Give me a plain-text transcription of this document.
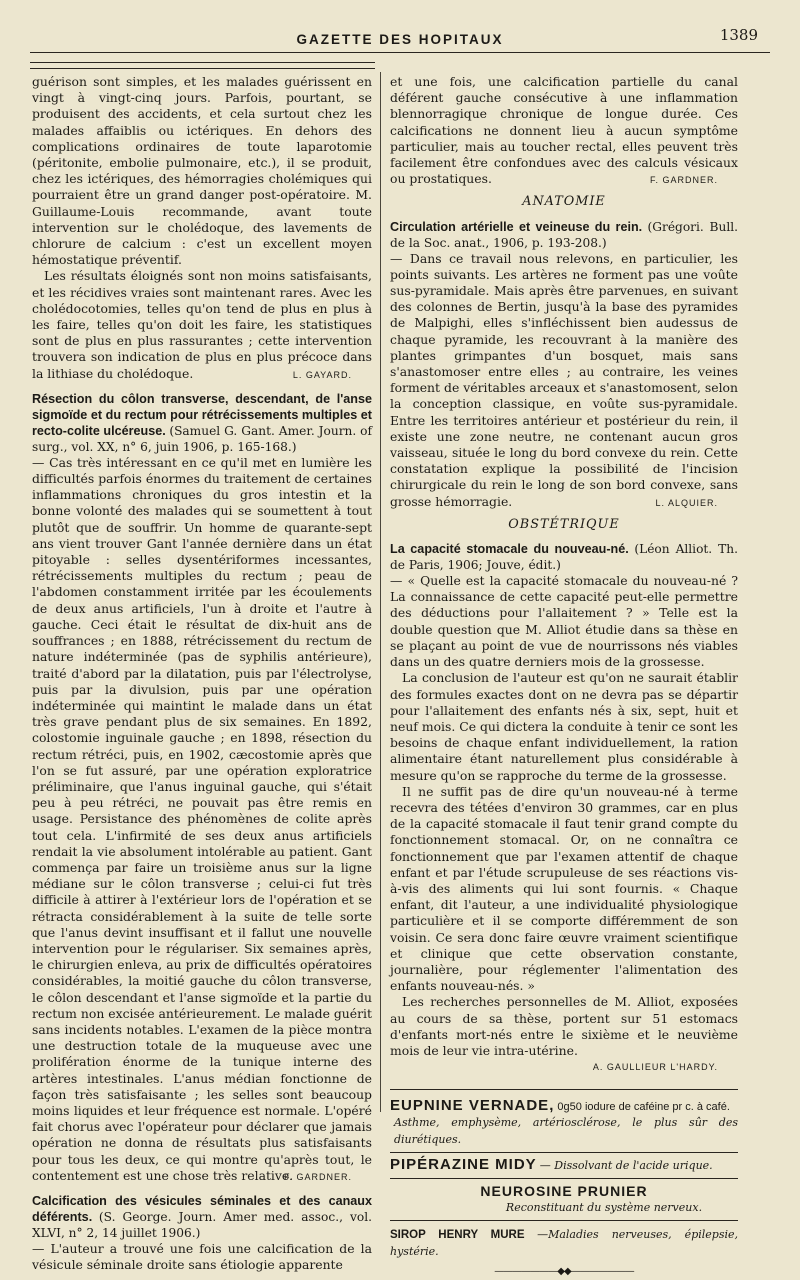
GAZETTE DES HOPITAUX	1389

guérison sont simples, et les malades guérissent en vingt à vingt-cinq jours. Parfois, pourtant, se produisent des accidents, et cela surtout chez les malades affaiblis ou ictériques. En dehors des complications ordinaires de toute laparotomie (péritonite, embolie pulmonaire, etc.), il se produit, chez les ictériques, des hémorragies cholémiques qui pourraient être un grand danger post-opératoire. M. Guillaume-Louis recommande, avant toute intervention sur le cholédoque, des lavements de chlorure de calcium : c'est un excellent moyen hémostatique préventif.

Les résultats éloignés sont non moins satisfaisants, et les récidives vraies sont maintenant rares. Avec les cholédocotomies, telles qu'on tend de plus en plus à les faire, telles qu'on doit les faire, les statistiques sont de plus en plus rassurantes ; cette intervention trouvera son indication de plus en plus précoce dans la lithiase du cholédoque.	L. GAYARD.

Résection du côlon transverse, descendant, de l'anse sigmoïde et du rectum pour rétrécissements multiples et recto-colite ulcéreuse. (Samuel G. Gant. Amer. Journ. of surg., vol. XX, n° 6, juin 1906, p. 165-168.)

— Cas très intéressant en ce qu'il met en lumière les difficultés parfois énormes du traitement de certaines inflammations chroniques du gros intestin et la bonne volonté des malades qui se soumettent à tout plutôt que de souffrir. Un homme de quarante-sept ans vient trouver Gant l'année dernière dans un état pitoyable : selles dysentériformes incessantes, rétrécissements multiples du rectum ; peau de l'abdomen constamment irritée par les écoulements de deux anus artificiels, l'un à droite et l'autre à gauche. Ceci était le résultat de dix-huit ans de souffrances ; en 1888, rétrécissement du rectum de nature indéterminée (pas de syphilis antérieure), traité d'abord par la dilatation, puis par l'électrolyse, puis par la divulsion, puis par une opération indéterminée qui maintint le malade dans un état très grave pendant plus de six semaines. En 1892, colostomie inguinale gauche ; en 1898, résection du rectum rétréci, puis, en 1902, cæcostomie après que l'on se fut assuré, par une opération exploratrice préliminaire, que l'anus inguinal gauche, qui s'était peu à peu rétréci, ne pouvait pas être remis en usage. Persistance des phénomènes de colite après tout cela. L'infirmité de ses deux anus artificiels rendait la vie absolument intolérable au patient. Gant commença par faire un troisième anus sur la ligne médiane sur le côlon transverse ; celui-ci fut très difficile à attirer à l'extérieur lors de l'opération et se rétracta considérablement à la suite de telle sorte que l'anus devint insuffisant et il fallut une nouvelle intervention pour le régulariser. Six semaines après, le chirurgien enleva, au prix de difficultés opératoires considérables, la moitié gauche du côlon transverse, le côlon descendant et l'anse sigmoïde et la partie du rectum non excisée antérieurement. Le malade guérit sans incidents notables. L'examen de la pièce montra une destruction totale de la muqueuse avec une prolifération énorme de la tunique interne des artères intestinales. L'anus médian fonctionne de façon très satisfaisante ; les selles sont beaucoup moins liquides et leur fréquence est normale. L'opéré fait chorus avec l'opérateur pour déclarer que jamais opération ne donna de résultats plus satisfaisants pour tous les deux, ce qui montre qu'après tout, le contentement est une chose très relative.

F. GARDNER.

Calcification des vésicules séminales et des canaux déférents. (S. George. Journ. Amer med. assoc., vol. XLVI, n° 2, 14 juillet 1906.)

— L'auteur a trouvé une fois une calcification de la vésicule séminale droite sans étiologie apparente

et une fois, une calcification partielle du canal déférent gauche consécutive à une inflammation blennorragique chronique de longue durée. Ces calcifications ne donnent lieu à aucun symptôme particulier, mais au toucher rectal, elles peuvent très facilement être confondues avec des calculs vésicaux ou prostatiques.	F. GARDNER.
ANATOMIE

Circulation artérielle et veineuse du rein. (Grégori. Bull. de la Soc. anat., 1906, p. 193-208.)

— Dans ce travail nous relevons, en particulier, les points suivants. Les artères ne forment pas une voûte sus-pyramidale. Mais après être parvenues, en suivant des colonnes de Bertin, jusqu'à la base des pyramides de Malpighi, elles s'infléchissent bien audessus de chaque pyramide, les recouvrant à la manière des plantes grimpantes d'un bosquet, mais sans s'anastomoser entre elles ; au contraire, les veines forment de véritables arceaux et s'anastomosent, selon la conception classique, en voûte sus-pyramidale. Entre les territoires antérieur et postérieur du rein, il existe une zone neutre, ne contenant aucun gros vaisseau, située le long du bord convexe du rein. Cette constatation explique la possibilité de l'incision chirurgicale du rein le long de son bord convexe, sans grosse hémorragie.	L. ALQUIER.
OBSTÉTRIQUE

La capacité stomacale du nouveau-né. (Léon Alliot. Th. de Paris, 1906; Jouve, édit.)

— « Quelle est la capacité stomacale du nouveau-né ? La connaissance de cette capacité peut-elle permettre des déductions pour l'allaitement ? » Telle est la double question que M. Alliot étudie dans sa thèse en se plaçant au point de vue de nourrissons nés viables dans un des quatre derniers mois de la grossesse.

La conclusion de l'auteur est qu'on ne saurait établir des formules exactes dont on ne devra pas se départir pour l'allaitement des enfants nés à six, sept, huit et neuf mois. Ce qui dictera la conduite à tenir ce sont les besoins de chaque enfant individuellement, la ration alimentaire étant naturellement plus considérable à mesure qu'on se rapproche du terme de la grossesse.

Il ne suffit pas de dire qu'un nouveau-né à terme recevra des tétées d'environ 30 grammes, car en plus de la capacité stomacale il faut tenir grand compte du fonctionnement stomacal. Or, on ne connaîtra ce fonctionnement que par l'examen attentif de chaque enfant et par l'étude scrupuleuse de ses réactions vis-à-vis des aliments qui lui sont fournis. « Chaque enfant, dit l'auteur, a une individualité physiologique particulière et il se comporte différemment de son voisin. Ce sera donc faire œuvre vraiment scientifique et clinique que cette observation constante, journalière, pour réglementer l'alimentation des enfants nouveau-nés. »

Les recherches personnelles de M. Alliot, exposées au cours de sa thèse, portent sur 51 estomacs d'enfants mort-nés entre le sixième et le neuvième mois de leur vie intra-utérine.

A. GAULLIEUR L'HARDY.
EUPNINE VERNADE, 0g50 iodure de caféine pr c. à café.
Asthme, emphysème, artériosclérose, le plus sûr des diurétiques.
PIPÉRAZINE MIDY — Dissolvant de l'acide urique.
NEUROSINE PRUNIER
Reconstituant du système nerveux.
SIROP HENRY MURE —Maladies nerveuses, épilepsie, hystérie.
———————◆◆———————
